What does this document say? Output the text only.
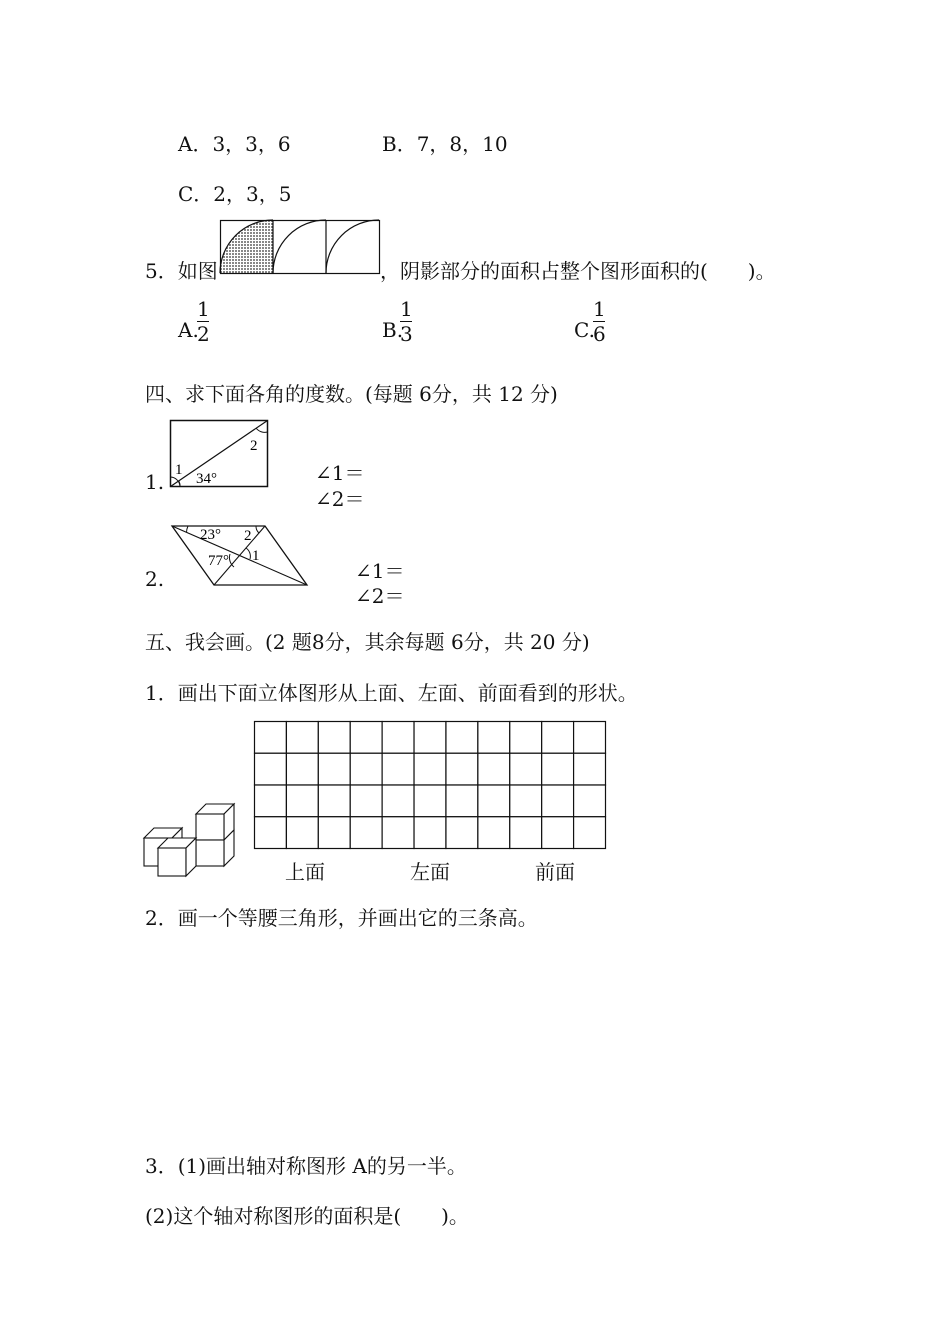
A．3，3，6	B．7，8，10
C．2，3，5
5．如图	，阴影部分的面积占整个图形面积的(　　)。
A.
1
2	B.
1
3	C.
1
6
四、求下面各角的度数。(每题 6分，共 12 分)
1. 1
2
34°	∠1＝
∠2＝
2.
23° 2
77° 1
∠1＝
∠2＝
五、我会画。(2 题8分，其余每题 6分，共 20 分)
1．画出下面立体图形从上面、左面、前面看到的形状。
上面	左面	前面
2．画一个等腰三角形，并画出它的三条高。
3．(1)画出轴对称图形 A的另一半。
(2)这个轴对称图形的面积是(　　)。
